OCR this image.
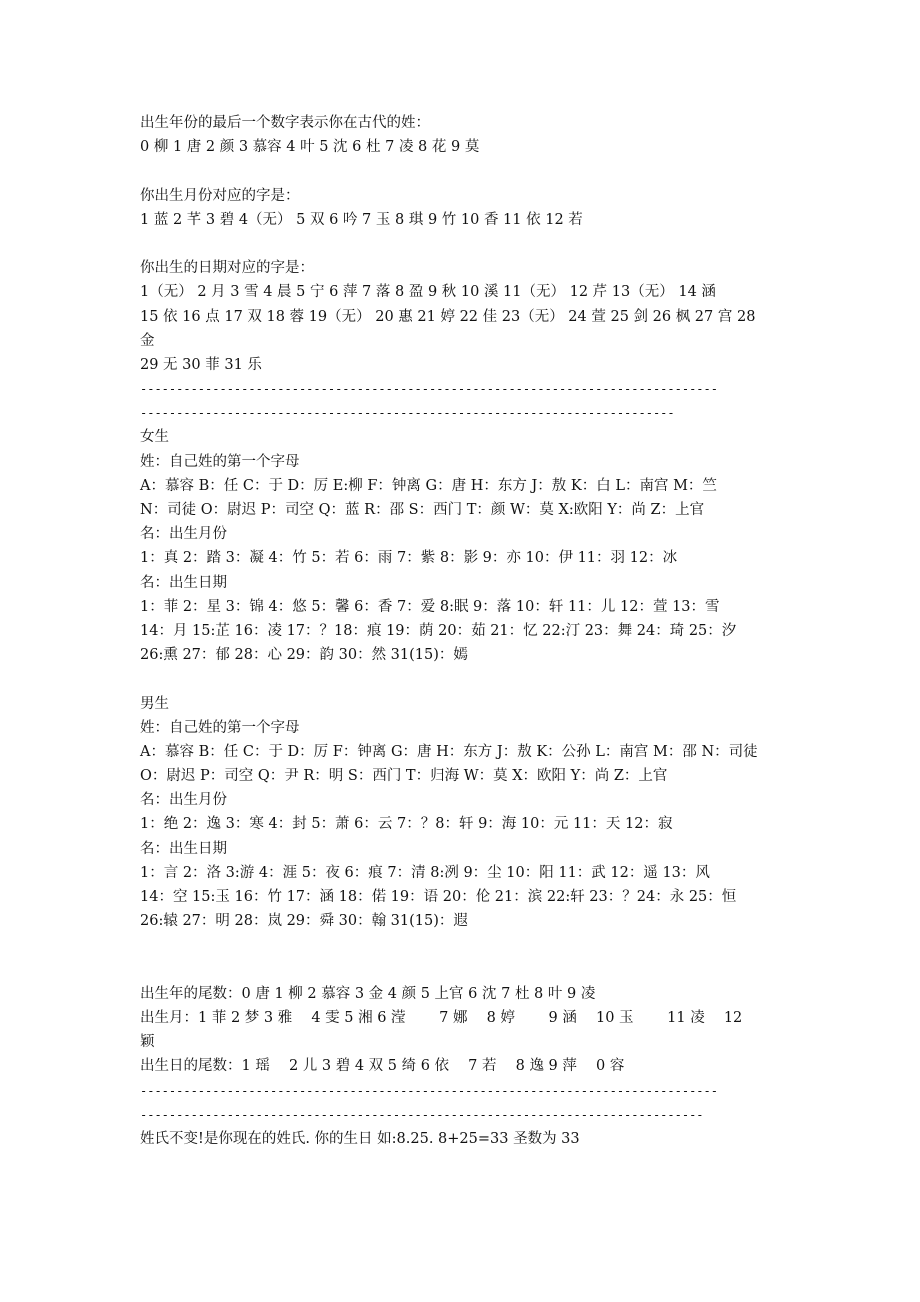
出生年份的最后一个数字表示你在古代的姓：
0 柳 1 唐 2 颜 3 慕容 4 叶 5 沈 6 杜 7 凌 8 花 9 莫
你出生月份对应的字是：
1 蓝 2 芊 3 碧 4（无） 5 双 6 吟 7 玉 8 琪 9 竹 10 香 11 依 12 若
你出生的日期对应的字是：
1（无） 2 月 3 雪 4 晨 5 宁 6 萍 7 落 8 盈 9 秋 10 溪 11（无） 12 芹 13（无） 14 涵
15 依 16 点 17 双 18 蓉 19（无） 20 惠 21 婷 22 佳 23（无） 24 萱 25 剑 26 枫 27 宫 28
金
29 无 30 菲 31 乐
--------------------------------------------------------------------------------
--------------------------------------------------------------------------
女生
姓：自己姓的第一个字母
A：慕容 B：任 C：于 D：厉 E:柳 F：钟离 G：唐 H：东方 J：敖 K：白 L：南宫 M：竺
N：司徒 O：尉迟 P：司空 Q：蓝 R：邵 S：西门 T：颜 W：莫 X:欧阳 Y：尚 Z：上官
名：出生月份
1：真 2：踏 3：凝 4：竹 5：若 6：雨 7：紫 8：影 9：亦 10：伊 11：羽 12：冰
名：出生日期
1：菲 2：星 3：锦 4：悠 5：馨 6：香 7：爱 8:眠 9：落 10：轩 11：儿 12：萱 13：雪
14：月 15:芷 16：凌 17：？18：痕 19：荫 20：茹 21：忆 22:汀 23：舞 24：琦 25：汐
26:熏 27：郁 28：心 29：韵 30：然 31(15)：嫣
男生
姓：自己姓的第一个字母
A：慕容 B：任 C：于 D：厉 F：钟离 G：唐 H：东方 J：敖 K：公孙 L：南宫 M：邵 N：司徒
O：尉迟 P：司空 Q：尹 R：明 S：西门 T：归海 W：莫 X：欧阳 Y：尚 Z：上官
名：出生月份
1：绝 2：逸 3：寒 4：封 5：萧 6：云 7：？8：轩 9：海 10：元 11：天 12：寂
名：出生日期
1：言 2：洛 3:游 4：涯 5：夜 6：痕 7：清 8:冽 9：尘 10：阳 11：武 12：遥 13：风
14：空 15:玉 16：竹 17：涵 18：偌 19：语 20：伦 21：滨 22:轩 23：？24：永 25：恒
26:辕 27：明 28：岚 29：舜 30：翰 31(15)：遐
出生年的尾数：0 唐 1 柳 2 慕容 3 金 4 颜 5 上官 6 沈 7 杜 8 叶 9 凌
出生月：1 菲 2 梦 3 雅　 4 雯 5 湘 6 滢　　 7 娜　 8 婷　　 9 涵　 10 玉　　 11 凌　 12
颖
出生日的尾数：1 瑶　 2 儿 3 碧 4 双 5 绮 6 依　 7 若　 8 逸 9 萍　 0 容
--------------------------------------------------------------------------------
------------------------------------------------------------------------------
姓氏不变!是你现在的姓氏. 你的生日 如:8.25. 8+25=33 圣数为 33
